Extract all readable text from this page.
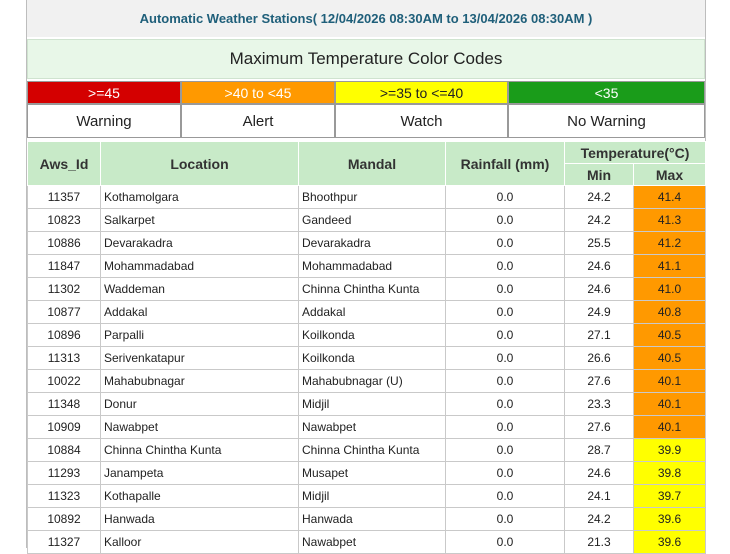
Automatic Weather Stations( 12/04/2026 08:30AM to 13/04/2026 08:30AM )
Maximum Temperature Color Codes
>=45	>40 to <45	>=35 to <=40	<35
Warning	Alert	Watch	No Warning
Aws_Id	Location	Mandal	Rainfall (mm)	Temperature(°C)	
				Min	Max
11357	Kothamolgara	Bhoothpur	0.0	24.2	41.4
10823	Salkarpet	Gandeed	0.0	24.2	41.3
10886	Devarakadra	Devarakadra	0.0	25.5	41.2
11847	Mohammadabad	Mohammadabad	0.0	24.6	41.1
11302	Waddeman	Chinna Chintha Kunta	0.0	24.6	41.0
10877	Addakal	Addakal	0.0	24.9	40.8
10896	Parpalli	Koilkonda	0.0	27.1	40.5
11313	Serivenkatapur	Koilkonda	0.0	26.6	40.5
10022	Mahabubnagar	Mahabubnagar (U)	0.0	27.6	40.1
11348	Donur	Midjil	0.0	23.3	40.1
10909	Nawabpet	Nawabpet	0.0	27.6	40.1
10884	Chinna Chintha Kunta	Chinna Chintha Kunta	0.0	28.7	39.9
11293	Janampeta	Musapet	0.0	24.6	39.8
11323	Kothapalle	Midjil	0.0	24.1	39.7
10892	Hanwada	Hanwada	0.0	24.2	39.6
11327	Kalloor	Nawabpet	0.0	21.3	39.6
